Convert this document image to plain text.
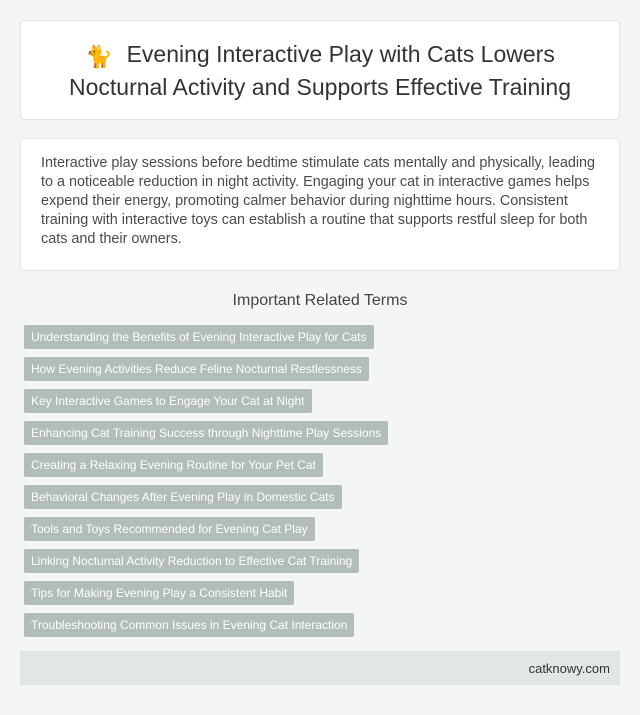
🐈 Evening Interactive Play with Cats Lowers Nocturnal Activity and Supports Effective Training

Interactive play sessions before bedtime stimulate cats mentally and physically, leading to a noticeable reduction in night activity. Engaging your cat in interactive games helps expend their energy, promoting calmer behavior during nighttime hours. Consistent training with interactive toys can establish a routine that supports restful sleep for both cats and their owners.

Important Related Terms
Understanding the Benefits of Evening Interactive Play for Cats
How Evening Activities Reduce Feline Nocturnal Restlessness
Key Interactive Games to Engage Your Cat at Night
Enhancing Cat Training Success through Nighttime Play Sessions
Creating a Relaxing Evening Routine for Your Pet Cat
Behavioral Changes After Evening Play in Domestic Cats
Tools and Toys Recommended for Evening Cat Play
Linking Nocturnal Activity Reduction to Effective Cat Training
Tips for Making Evening Play a Consistent Habit
Troubleshooting Common Issues in Evening Cat Interaction
catknowy.com
